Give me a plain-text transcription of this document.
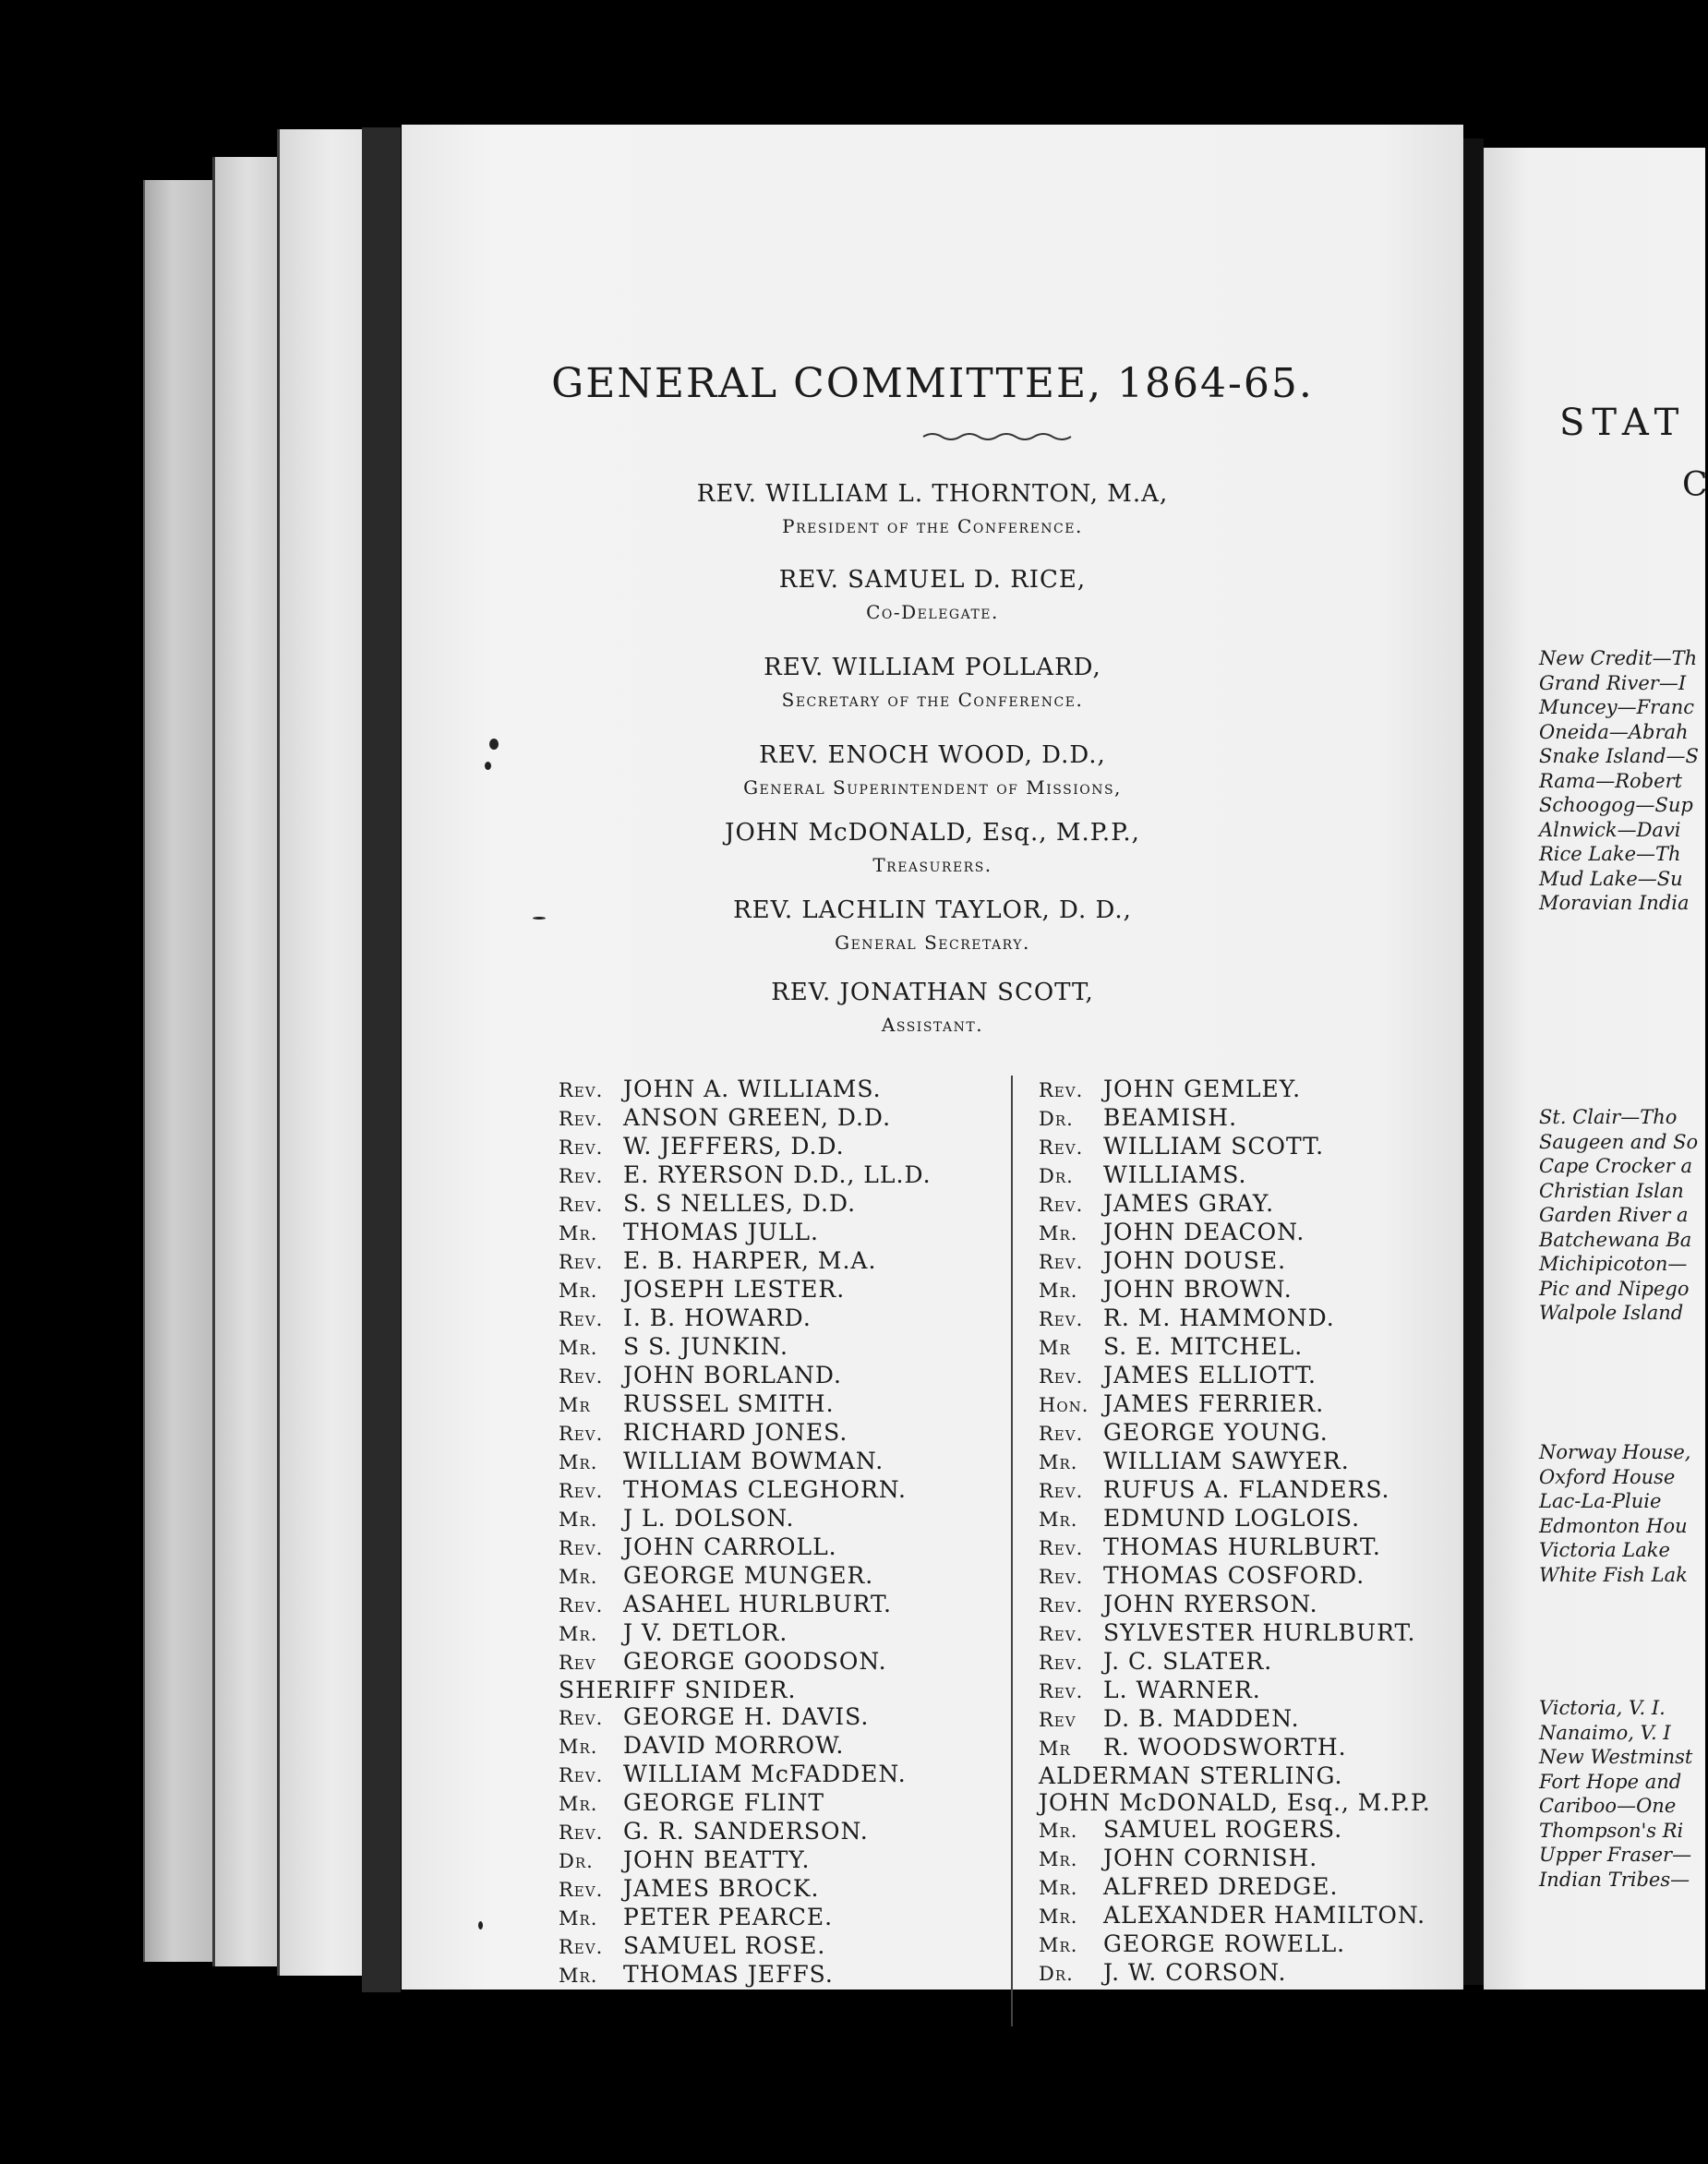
GENERAL COMMITTEE, 1864-65.
REV. WILLIAM L. THORNTON, M.A,
President of the Conference.
REV. SAMUEL D. RICE,
Co-Delegate.
REV. WILLIAM POLLARD,
Secretary of the Conference.
REV. ENOCH WOOD, D.D.,
General Superintendent of Missions,
JOHN McDONALD, Esq., M.P.P.,
Treasurers.
REV. LACHLIN TAYLOR, D. D.,
General Secretary.
REV. JONATHAN SCOTT,
Assistant.
Rev. JOHN A. WILLIAMS.
Rev. ANSON GREEN, D.D.
Rev. W. JEFFERS, D.D.
Rev. E. RYERSON D.D., LL.D.
Rev. S. S NELLES, D.D.
Mr. THOMAS JULL.
Rev. E. B. HARPER, M.A.
Mr. JOSEPH LESTER.
Rev. I. B. HOWARD.
Mr. S S. JUNKIN.
Rev. JOHN BORLAND.
Mr RUSSEL SMITH.
Rev. RICHARD JONES.
Mr. WILLIAM BOWMAN.
Rev. THOMAS CLEGHORN.
Mr. J L. DOLSON.
Rev. JOHN CARROLL.
Mr. GEORGE MUNGER.
Rev. ASAHEL HURLBURT.
Mr. J V. DETLOR.
Rev GEORGE GOODSON.
SHERIFF SNIDER.
Rev. GEORGE H. DAVIS.
Mr. DAVID MORROW.
Rev. WILLIAM McFADDEN.
Mr. GEORGE FLINT
Rev. G. R. SANDERSON.
Dr. JOHN BEATTY.
Rev. JAMES BROCK.
Mr. PETER PEARCE.
Rev. SAMUEL ROSE.
Mr. THOMAS JEFFS.
Rev. JOHN GEMLEY.
Dr. BEAMISH.
Rev. WILLIAM SCOTT.
Dr. WILLIAMS.
Rev. JAMES GRAY.
Mr. JOHN DEACON.
Rev. JOHN DOUSE.
Mr. JOHN BROWN.
Rev. R. M. HAMMOND.
Mr S. E. MITCHEL.
Rev. JAMES ELLIOTT.
Hon. JAMES FERRIER.
Rev. GEORGE YOUNG.
Mr. WILLIAM SAWYER.
Rev. RUFUS A. FLANDERS.
Mr. EDMUND LOGLOIS.
Rev. THOMAS HURLBURT.
Rev. THOMAS COSFORD.
Rev. JOHN RYERSON.
Rev. SYLVESTER HURLBURT.
Rev. J. C. SLATER.
Rev. L. WARNER.
Rev D. B. MADDEN.
Mr R. WOODSWORTH.
ALDERMAN STERLING.
JOHN McDONALD, Esq., M.P.P.
Mr. SAMUEL ROGERS.
Mr. JOHN CORNISH.
Mr. ALFRED DREDGE.
Mr. ALEXANDER HAMILTON.
Mr. GEORGE ROWELL.
Dr. J. W. CORSON.
STAT
C
New Credit—Th
Grand River—I
Muncey—Franc
Oneida—Abrah
Snake Island—S
Rama—Robert
Schoogog—Sup
Alnwick—Davi
Rice Lake—Th
Mud Lake—Su
Moravian India
St. Clair—Tho
Saugeen and So
Cape Crocker a
Christian Islan
Garden River a
Batchewana Ba
Michipicoton—
Pic and Nipego
Walpole Island
Norway House,
Oxford House
Lac-La-Pluie
Edmonton Hou
Victoria Lake
White Fish Lak
Victoria, V. I.
Nanaimo, V. I
New Westminst
Fort Hope and
Cariboo—One
Thompson's Ri
Upper Fraser—
Indian Tribes—
